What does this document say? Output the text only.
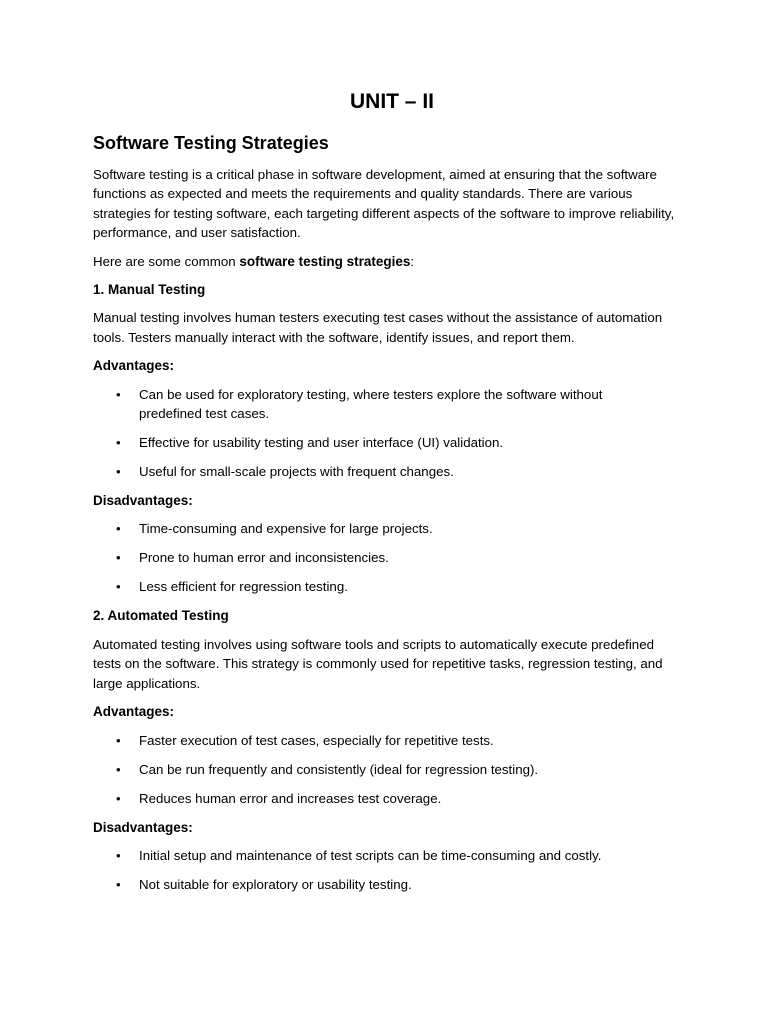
UNIT – II
Software Testing Strategies

Software testing is a critical phase in software development, aimed at ensuring that the software functions as expected and meets the requirements and quality standards. There are various strategies for testing software, each targeting different aspects of the software to improve reliability, performance, and user satisfaction.

Here are some common software testing strategies:

1. Manual Testing

Manual testing involves human testers executing test cases without the assistance of automation tools. Testers manually interact with the software, identify issues, and report them.

Advantages:
• Can be used for exploratory testing, where testers explore the software without predefined test cases.
• Effective for usability testing and user interface (UI) validation.
• Useful for small-scale projects with frequent changes.
Disadvantages:
• Time-consuming and expensive for large projects.
• Prone to human error and inconsistencies.
• Less efficient for regression testing.
2. Automated Testing

Automated testing involves using software tools and scripts to automatically execute predefined tests on the software. This strategy is commonly used for repetitive tasks, regression testing, and large applications.

Advantages:
• Faster execution of test cases, especially for repetitive tests.
• Can be run frequently and consistently (ideal for regression testing).
• Reduces human error and increases test coverage.
Disadvantages:
• Initial setup and maintenance of test scripts can be time-consuming and costly.
• Not suitable for exploratory or usability testing.
